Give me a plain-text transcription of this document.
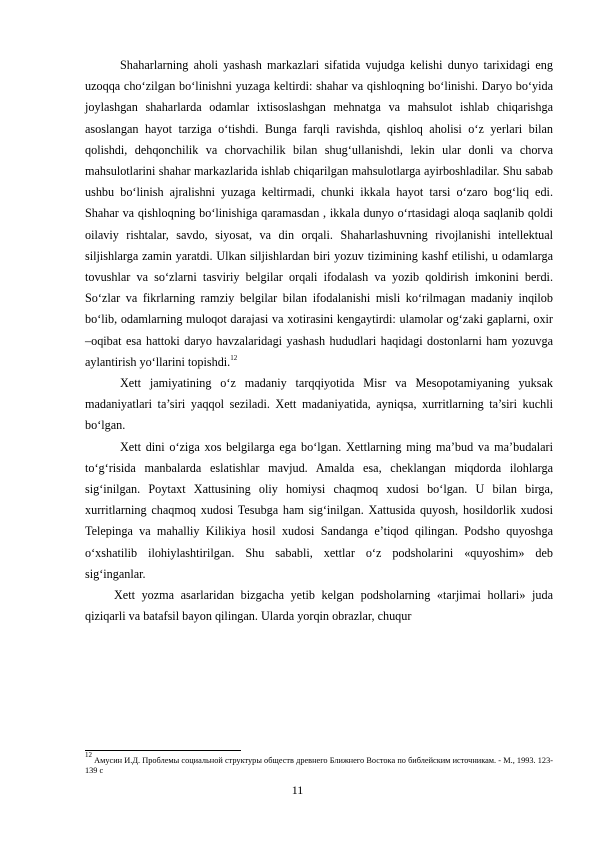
Shaharlarning aholi yashash markazlari sifatida vujudga kelishi dunyo tarixidagi eng uzoqqa cho‘zilgan bo‘linishni yuzaga keltirdi: shahar va qishloqning bo‘linishi. Daryo bo‘yida joylashgan shaharlarda odamlar ixtisoslashgan mehnatga va mahsulot ishlab chiqarishga asoslangan hayot tarziga o‘tishdi. Bunga farqli ravishda, qishloq aholisi o‘z yerlari bilan qolishdi, dehqonchilik va chorvachilik bilan shug‘ullanishdi, lekin ular donli va chorva mahsulotlarini shahar markazlarida ishlab chiqarilgan mahsulotlarga ayirboshladilar. Shu sabab ushbu bo‘linish ajralishni yuzaga keltirmadi, chunki ikkala hayot tarsi o‘zaro bog‘liq edi. Shahar va qishloqning bo‘linishiga qaramasdan , ikkala dunyo o‘rtasidagi aloqa saqlanib qoldi oilaviy rishtalar, savdo, siyosat, va din orqali. Shaharlashuvning rivojlanishi intellektual siljishlarga zamin yaratdi. Ulkan siljishlardan biri yozuv tizimining kashf etilishi, u odamlarga tovushlar va so‘zlarni tasviriy belgilar orqali ifodalash va yozib qoldirish imkonini berdi. So‘zlar va fikrlarning ramziy belgilar bilan ifodalanishi misli ko‘rilmagan madaniy inqilob bo‘lib, odamlarning muloqot darajasi va xotirasini kengaytirdi: ulamolar og‘zaki gaplarni, oxir –oqibat esa hattoki daryo havzalaridagi yashash hududlari haqidagi dostonlarni ham yozuvga aylantirish yo‘llarini topishdi.$^{12}$

Xett jamiyatining o‘z madaniy tarqqiyotida Misr va Mesopotamiyaning yuksak madaniyatlari ta’siri yaqqol seziladi. Xett madaniyatida, ayniqsa, xurritlarning ta’siri kuchli bo‘lgan.

Xett dini o‘ziga xos belgilarga ega bo‘lgan. Xettlarning ming ma’bud va ma’budalari to‘g‘risida manbalarda eslatishlar mavjud. Amalda esa, cheklangan miqdorda ilohlarga sig‘inilgan. Poytaxt Xattusining oliy homiysi chaqmoq xudosi bo‘lgan. U bilan birga, xurritlarning chaqmoq xudosi Tesubga ham sig‘inilgan. Xattusida quyosh, hosildorlik xudosi Telepinga va mahalliy Kilikiya hosil xudosi Sandanga e’tiqod qilingan. Podsho quyoshga o‘xshatilib ilohiylashtirilgan. Shu sababli, xettlar o‘z podsholarini «quyoshim» deb sig‘inganlar.

Xett yozma asarlaridan bizgacha yetib kelgan podsholarning «tarjimai hollari» juda qiziqarli va batafsil bayon qilingan. Ularda yorqin obrazlar, chuqur

$^{12}$ Амусин И.Д. Проблемы социальной структуры обществ древнего Ближнего Востока по библейским источникам. - М., 1993. 123-139 с
11
